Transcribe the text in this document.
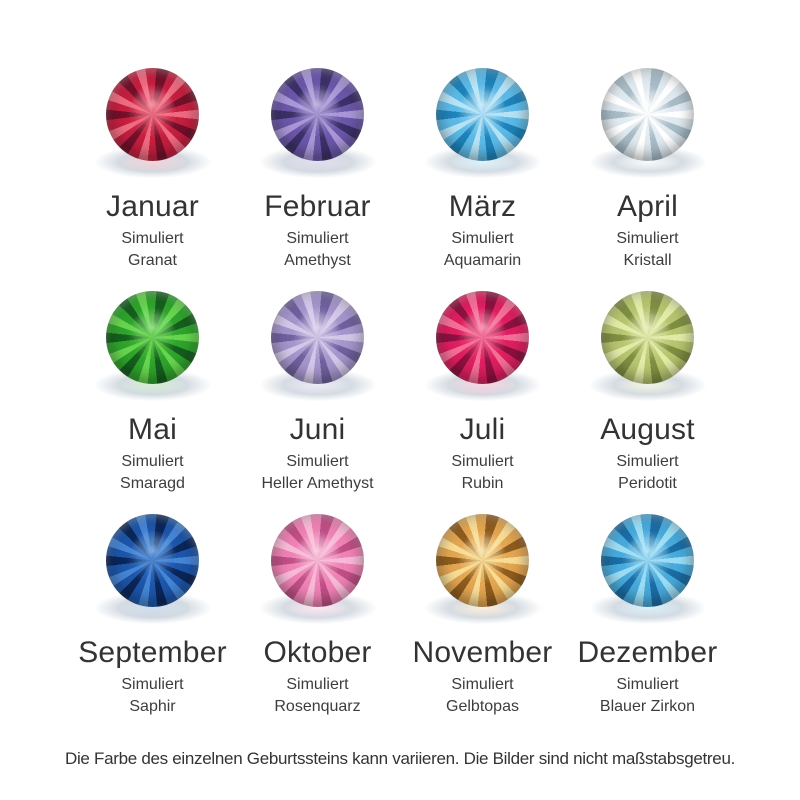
Januar
Simuliert
Granat
Februar
Simuliert
Amethyst
März
Simuliert
Aquamarin
April
Simuliert
Kristall
Mai
Simuliert
Smaragd
Juni
Simuliert
Heller Amethyst
Juli
Simuliert
Rubin
August
Simuliert
Peridotit
September
Simuliert
Saphir
Oktober
Simuliert
Rosenquarz
November
Simuliert
Gelbtopas
Dezember
Simuliert
Blauer Zirkon
Die Farbe des einzelnen Geburtssteins kann variieren. Die Bilder sind nicht maßstabsgetreu.
